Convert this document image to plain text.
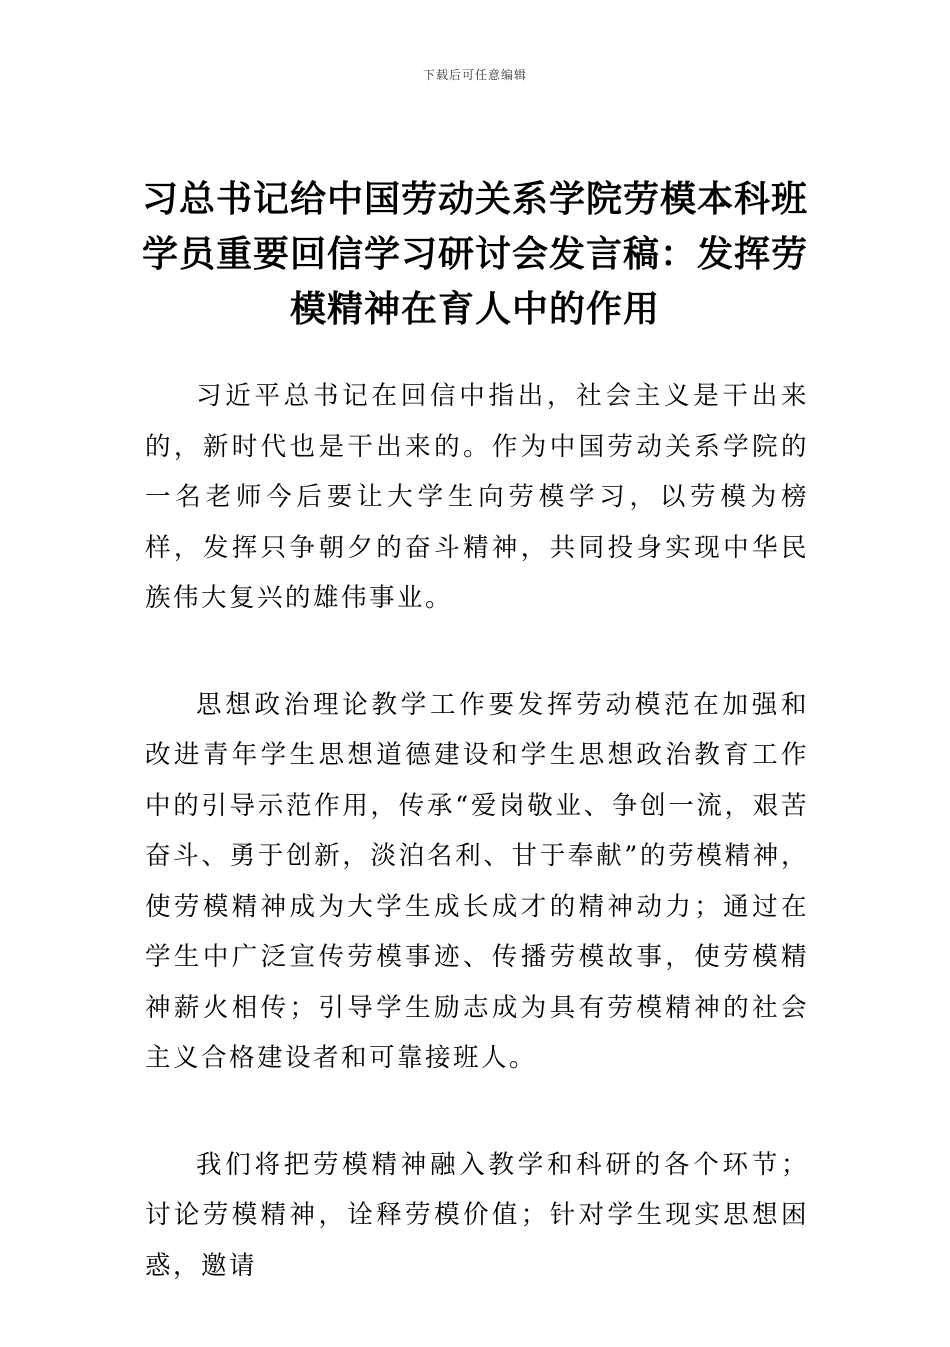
下载后可任意编辑
习总书记给中国劳动关系学院劳模本科班学员重要回信学习研讨会发言稿：发挥劳模精神在育人中的作用

习近平总书记在回信中指出，社会主义是干出来的，新时代也是干出来的。作为中国劳动关系学院的一名老师今后要让大学生向劳模学习，以劳模为榜样，发挥只争朝夕的奋斗精神，共同投身实现中华民族伟大复兴的雄伟事业。

思想政治理论教学工作要发挥劳动模范在加强和改进青年学生思想道德建设和学生思想政治教育工作中的引导示范作用，传承“爱岗敬业、争创一流，艰苦奋斗、勇于创新，淡泊名利、甘于奉献”的劳模精神，使劳模精神成为大学生成长成才的精神动力；通过在学生中广泛宣传劳模事迹、传播劳模故事，使劳模精神薪火相传；引导学生励志成为具有劳模精神的社会主义合格建设者和可靠接班人。

我们将把劳模精神融入教学和科研的各个环节；讨论劳模精神，诠释劳模价值；针对学生现实思想困惑，邀请
